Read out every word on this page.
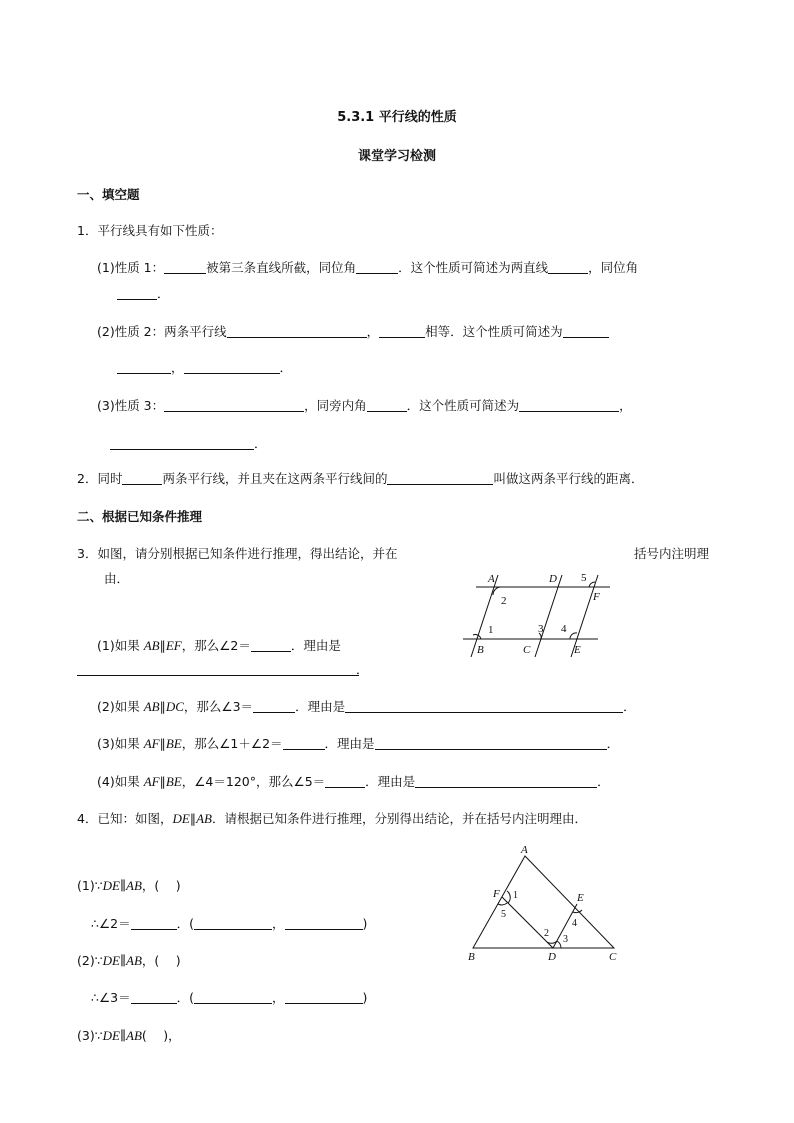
5.3.1 平行线的性质
课堂学习检测
一、填空题
1．平行线具有如下性质：
(1)性质 1：	被第三条直线所截，同位角	．这个性质可简述为两直线	，同位角
．
(2)性质 2：两条平行线	，	相等．这个性质可简述为
，	．
(3)性质 3：	，同旁内角	．这个性质可简述为	，
．
2．同时	两条平行线，并且夹在这两条平行线间的	叫做这两条平行线的距离．
二、根据已知条件推理
3．如图，请分别根据已知条件进行推理，得出结论，并在	括号内注明理
由．	A	D
F
B	C	E
5
2
1	3 4
(1)如果 AB∥EF，那么∠2＝	．理由是
．
(2)如果 AB∥DC，那么∠3＝	．理由是	．
(3)如果 AF∥BE，那么∠1＋∠2＝	．理由是	．
(4)如果 AF∥BE，∠4＝120°，那么∠5＝	．理由是	．
4．已知：如图，DE∥AB．请根据已知条件进行推理，分别得出结论，并在括号内注明理由．
A
F	E
B	D	C
1
5
4
2
3
(1)∵DE∥AB，(　 )
∴∠2＝	．(	，	)
(2)∵DE∥AB，(　 )
∴∠3＝	．(	，	)
(3)∵DE∥AB(　 )，
